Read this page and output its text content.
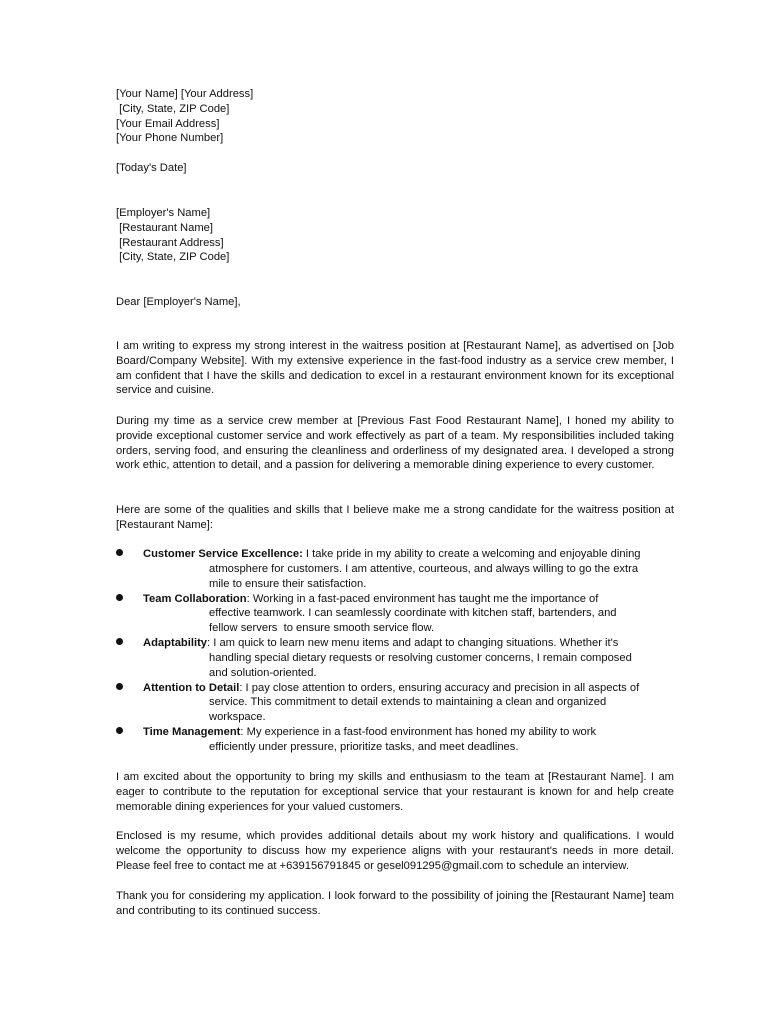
[Your Name] [Your Address]
[City, State, ZIP Code]
[Your Email Address]
[Your Phone Number]
[Today's Date]
[Employer's Name]
[Restaurant Name]
[Restaurant Address]
[City, State, ZIP Code]
Dear [Employer's Name],

I am writing to express my strong interest in the waitress position at [Restaurant Name], as advertised on [Job Board/Company Website]. With my extensive experience in the fast-food industry as a service crew member, I am confident that I have the skills and dedication to excel in a restaurant environment known for its exceptional service and cuisine.

During my time as a service crew member at [Previous Fast Food Restaurant Name], I honed my ability to provide exceptional customer service and work effectively as part of a team. My responsibilities included taking orders, serving food, and ensuring the cleanliness and orderliness of my designated area. I developed a strong work ethic, attention to detail, and a passion for delivering a memorable dining experience to every customer.

Here are some of the qualities and skills that I believe make me a strong candidate for the waitress position at [Restaurant Name]:

Customer Service Excellence: I take pride in my ability to create a welcoming and enjoyable dining
atmosphere for customers. I am attentive, courteous, and always willing to go the extra
mile to ensure their satisfaction.
Team Collaboration: Working in a fast-paced environment has taught me the importance of
effective teamwork. I can seamlessly coordinate with kitchen staff, bartenders, and
fellow servers  to ensure smooth service flow.
Adaptability: I am quick to learn new menu items and adapt to changing situations. Whether it's
handling special dietary requests or resolving customer concerns, I remain composed
and solution-oriented.
Attention to Detail: I pay close attention to orders, ensuring accuracy and precision in all aspects of
service. This commitment to detail extends to maintaining a clean and organized
workspace.
Time Management: My experience in a fast-food environment has honed my ability to work
efficiently under pressure, prioritize tasks, and meet deadlines.

I am excited about the opportunity to bring my skills and enthusiasm to the team at [Restaurant Name]. I am eager to contribute to the reputation for exceptional service that your restaurant is known for and help create memorable dining experiences for your valued customers.

Enclosed is my resume, which provides additional details about my work history and qualifications. I would welcome the opportunity to discuss how my experience aligns with your restaurant's needs in more detail. Please feel free to contact me at +639156791845 or gesel091295@gmail.com to schedule an interview.

Thank you for considering my application. I look forward to the possibility of joining the [Restaurant Name] team and contributing to its continued success.
